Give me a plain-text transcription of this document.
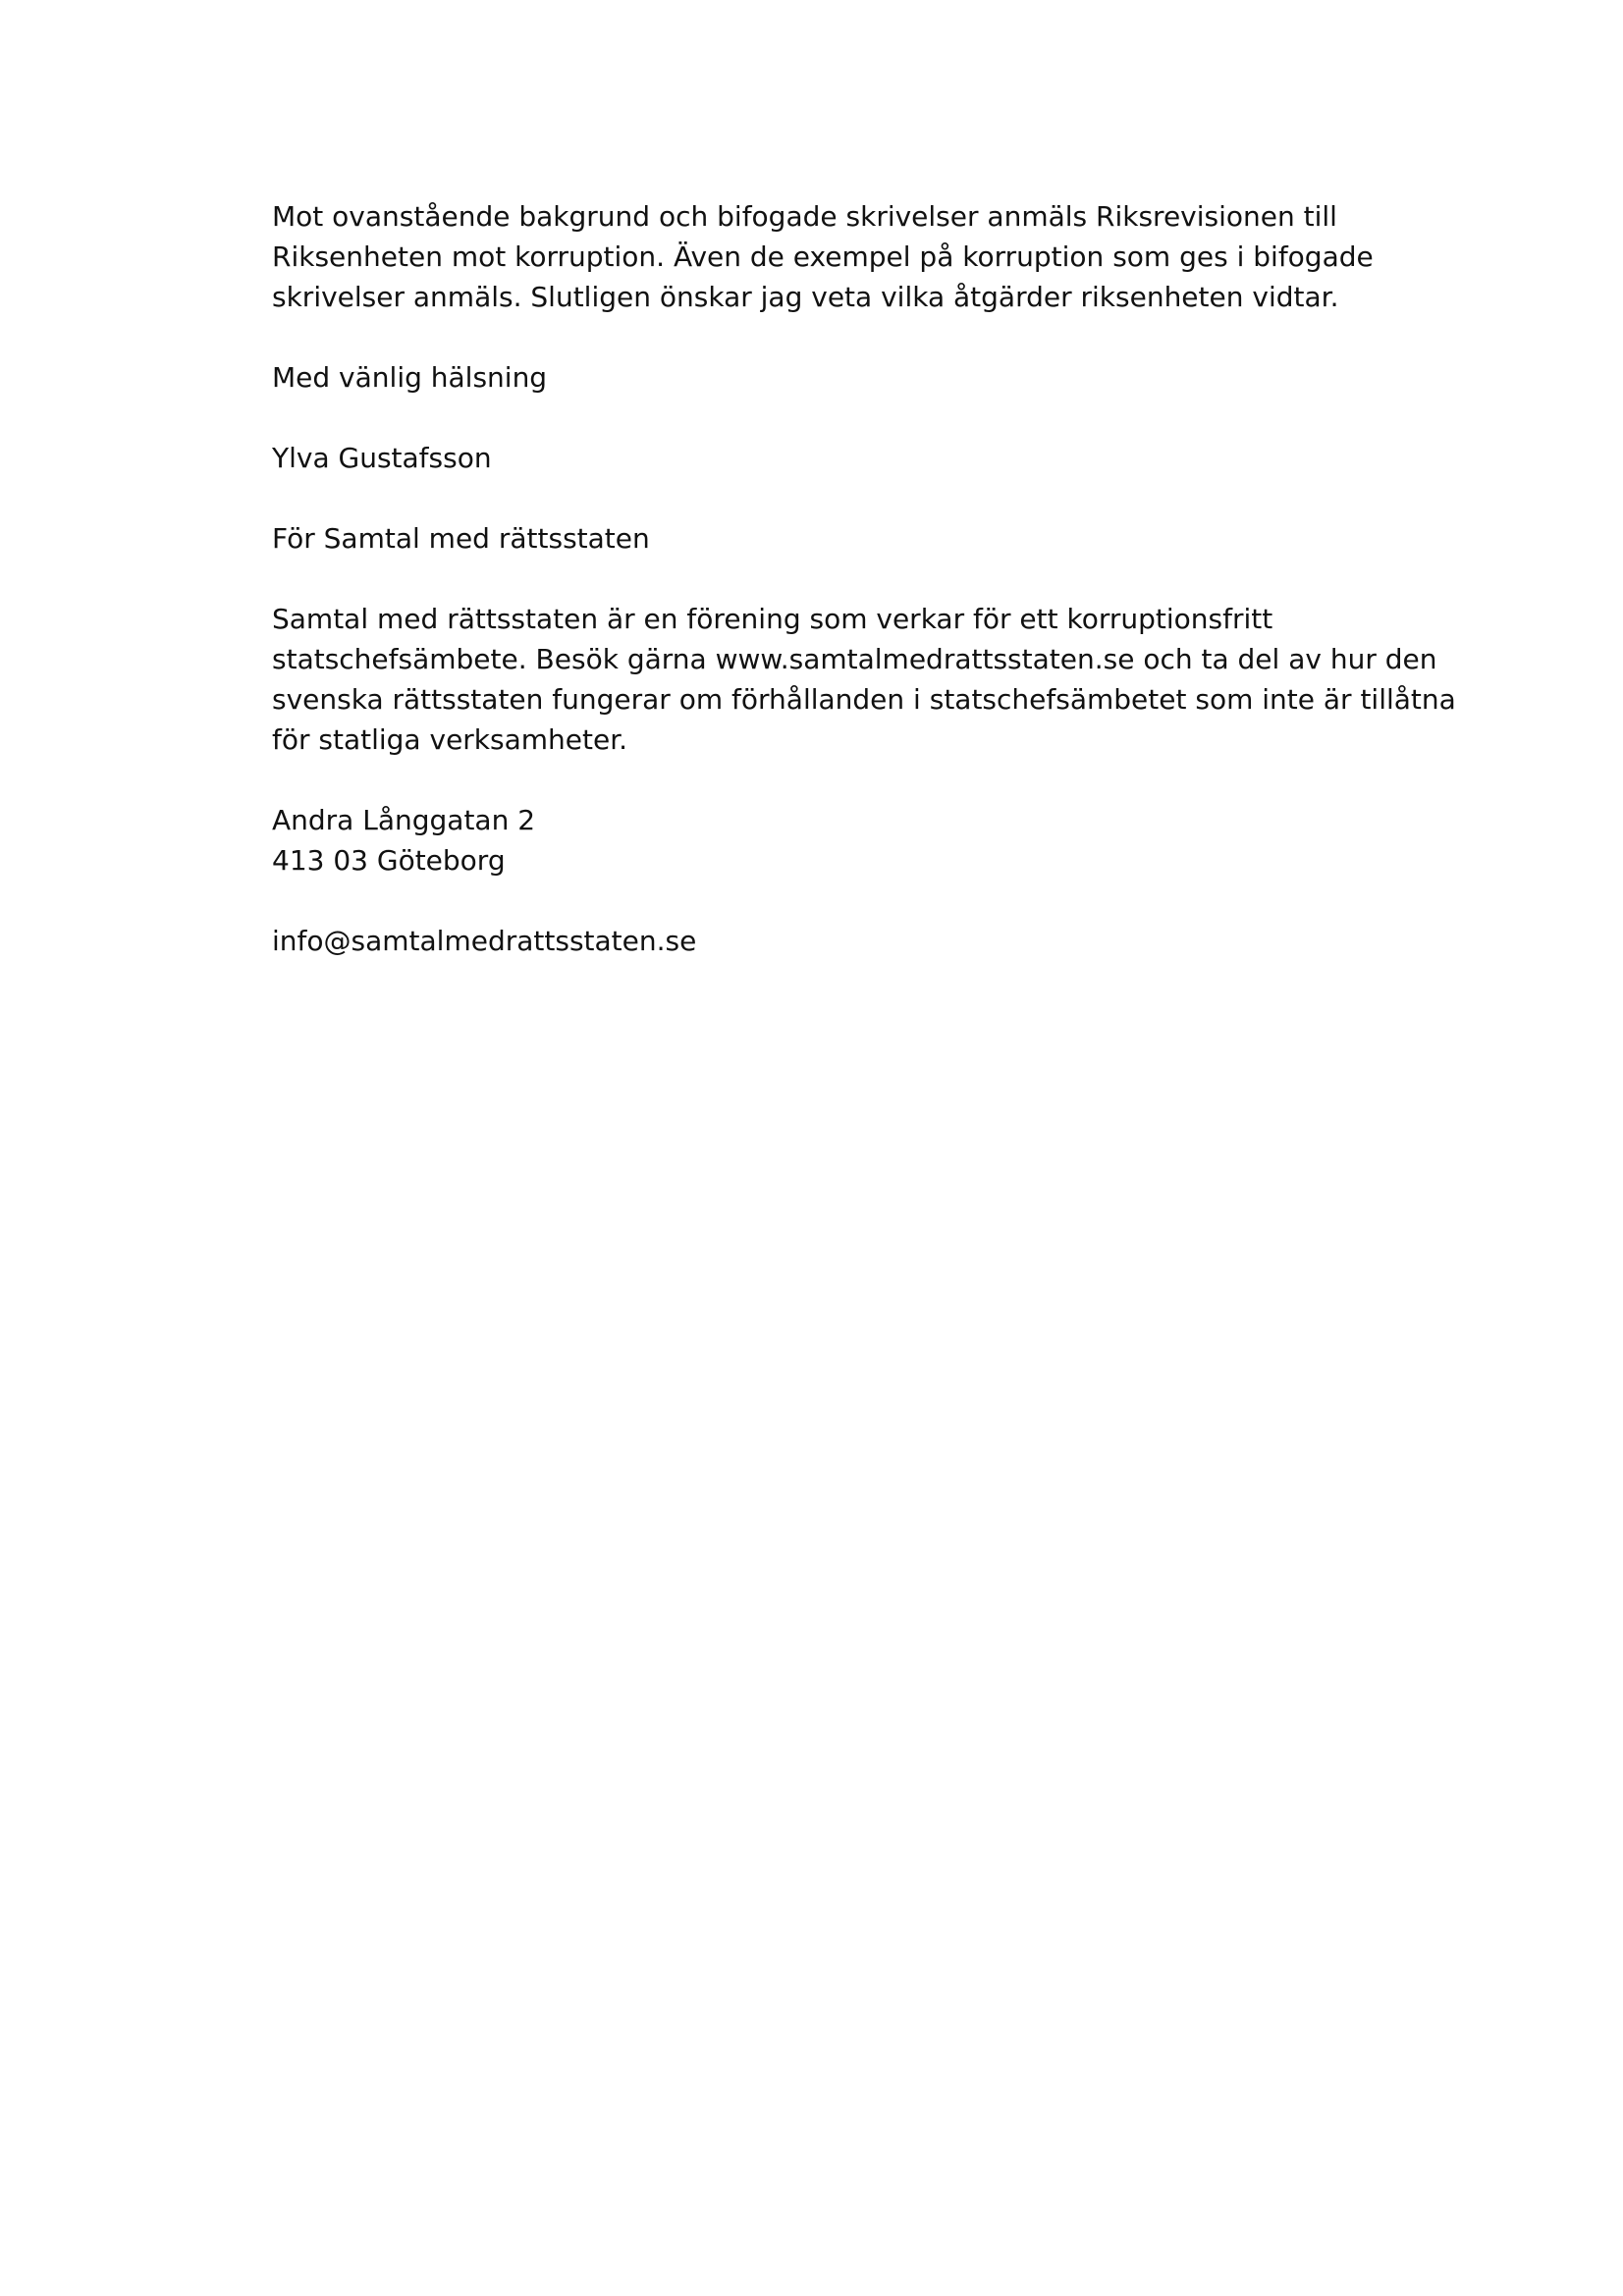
Mot ovanstående bakgrund och bifogade skrivelser anmäls Riksrevisionen till
Riksenheten mot korruption. Även de exempel på korruption som ges i bifogade
skrivelser anmäls. Slutligen önskar jag veta vilka åtgärder riksenheten vidtar.
Med vänlig hälsning
Ylva Gustafsson
För Samtal med rättsstaten
Samtal med rättsstaten är en förening som verkar för ett korruptionsfritt
statschefsämbete. Besök gärna www.samtalmedrattsstaten.se och ta del av hur den
svenska rättsstaten fungerar om förhållanden i statschefsämbetet som inte är tillåtna
för statliga verksamheter.
Andra Långgatan 2
413 03 Göteborg
info@samtalmedrattsstaten.se
